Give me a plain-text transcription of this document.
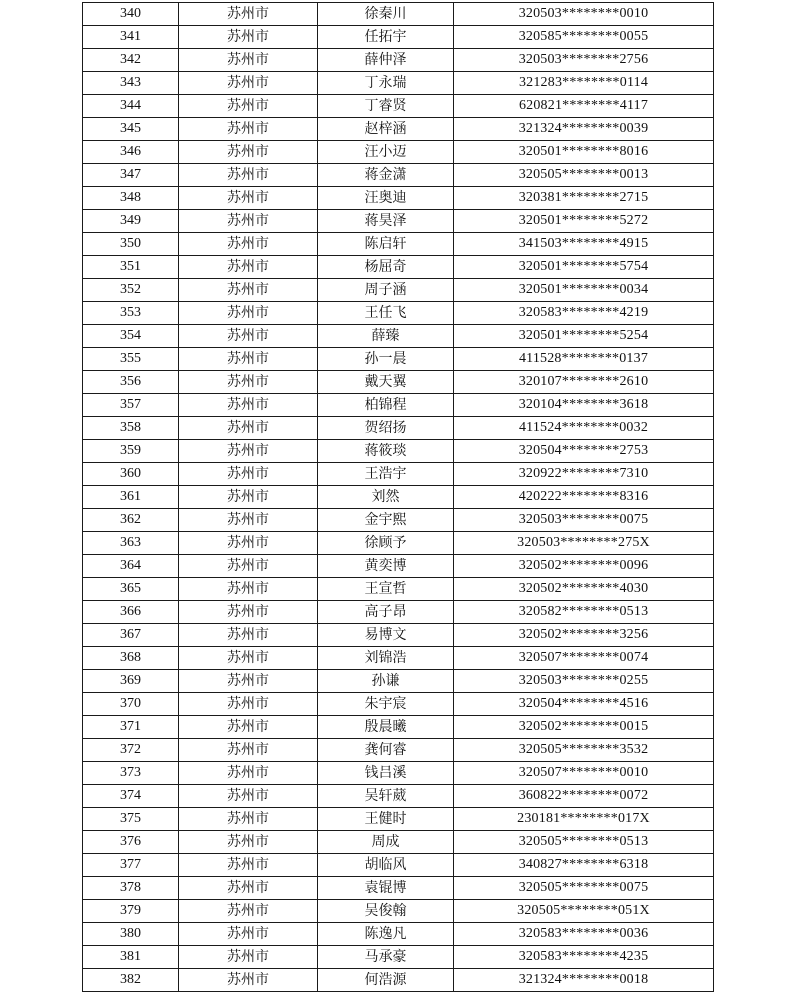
340	苏州市	徐秦川	320503********0010
341	苏州市	任拓宇	320585********0055
342	苏州市	薛仲泽	320503********2756
343	苏州市	丁永瑞	321283********0114
344	苏州市	丁睿贤	620821********4117
345	苏州市	赵梓涵	321324********0039
346	苏州市	汪小迈	320501********8016
347	苏州市	蒋金潇	320505********0013
348	苏州市	汪奥迪	320381********2715
349	苏州市	蒋昊泽	320501********5272
350	苏州市	陈启轩	341503********4915
351	苏州市	杨屈奇	320501********5754
352	苏州市	周子涵	320501********0034
353	苏州市	王任飞	320583********4219
354	苏州市	薛臻	320501********5254
355	苏州市	孙一晨	411528********0137
356	苏州市	戴天翼	320107********2610
357	苏州市	柏锦程	320104********3618
358	苏州市	贺绍扬	411524********0032
359	苏州市	蒋筱琰	320504********2753
360	苏州市	王浩宇	320922********7310
361	苏州市	刘然	420222********8316
362	苏州市	金宇熙	320503********0075
363	苏州市	徐顾予	320503********275X
364	苏州市	黄奕博	320502********0096
365	苏州市	王宣哲	320502********4030
366	苏州市	高子昂	320582********0513
367	苏州市	易博文	320502********3256
368	苏州市	刘锦浩	320507********0074
369	苏州市	孙谦	320503********0255
370	苏州市	朱宇宸	320504********4516
371	苏州市	殷晨曦	320502********0015
372	苏州市	龚何睿	320505********3532
373	苏州市	钱吕溪	320507********0010
374	苏州市	吴轩葳	360822********0072
375	苏州市	王健时	230181********017X
376	苏州市	周成	320505********0513
377	苏州市	胡临风	340827********6318
378	苏州市	袁锟博	320505********0075
379	苏州市	吴俊翰	320505********051X
380	苏州市	陈逸凡	320583********0036
381	苏州市	马承豪	320583********4235
382	苏州市	何浩源	321324********0018
